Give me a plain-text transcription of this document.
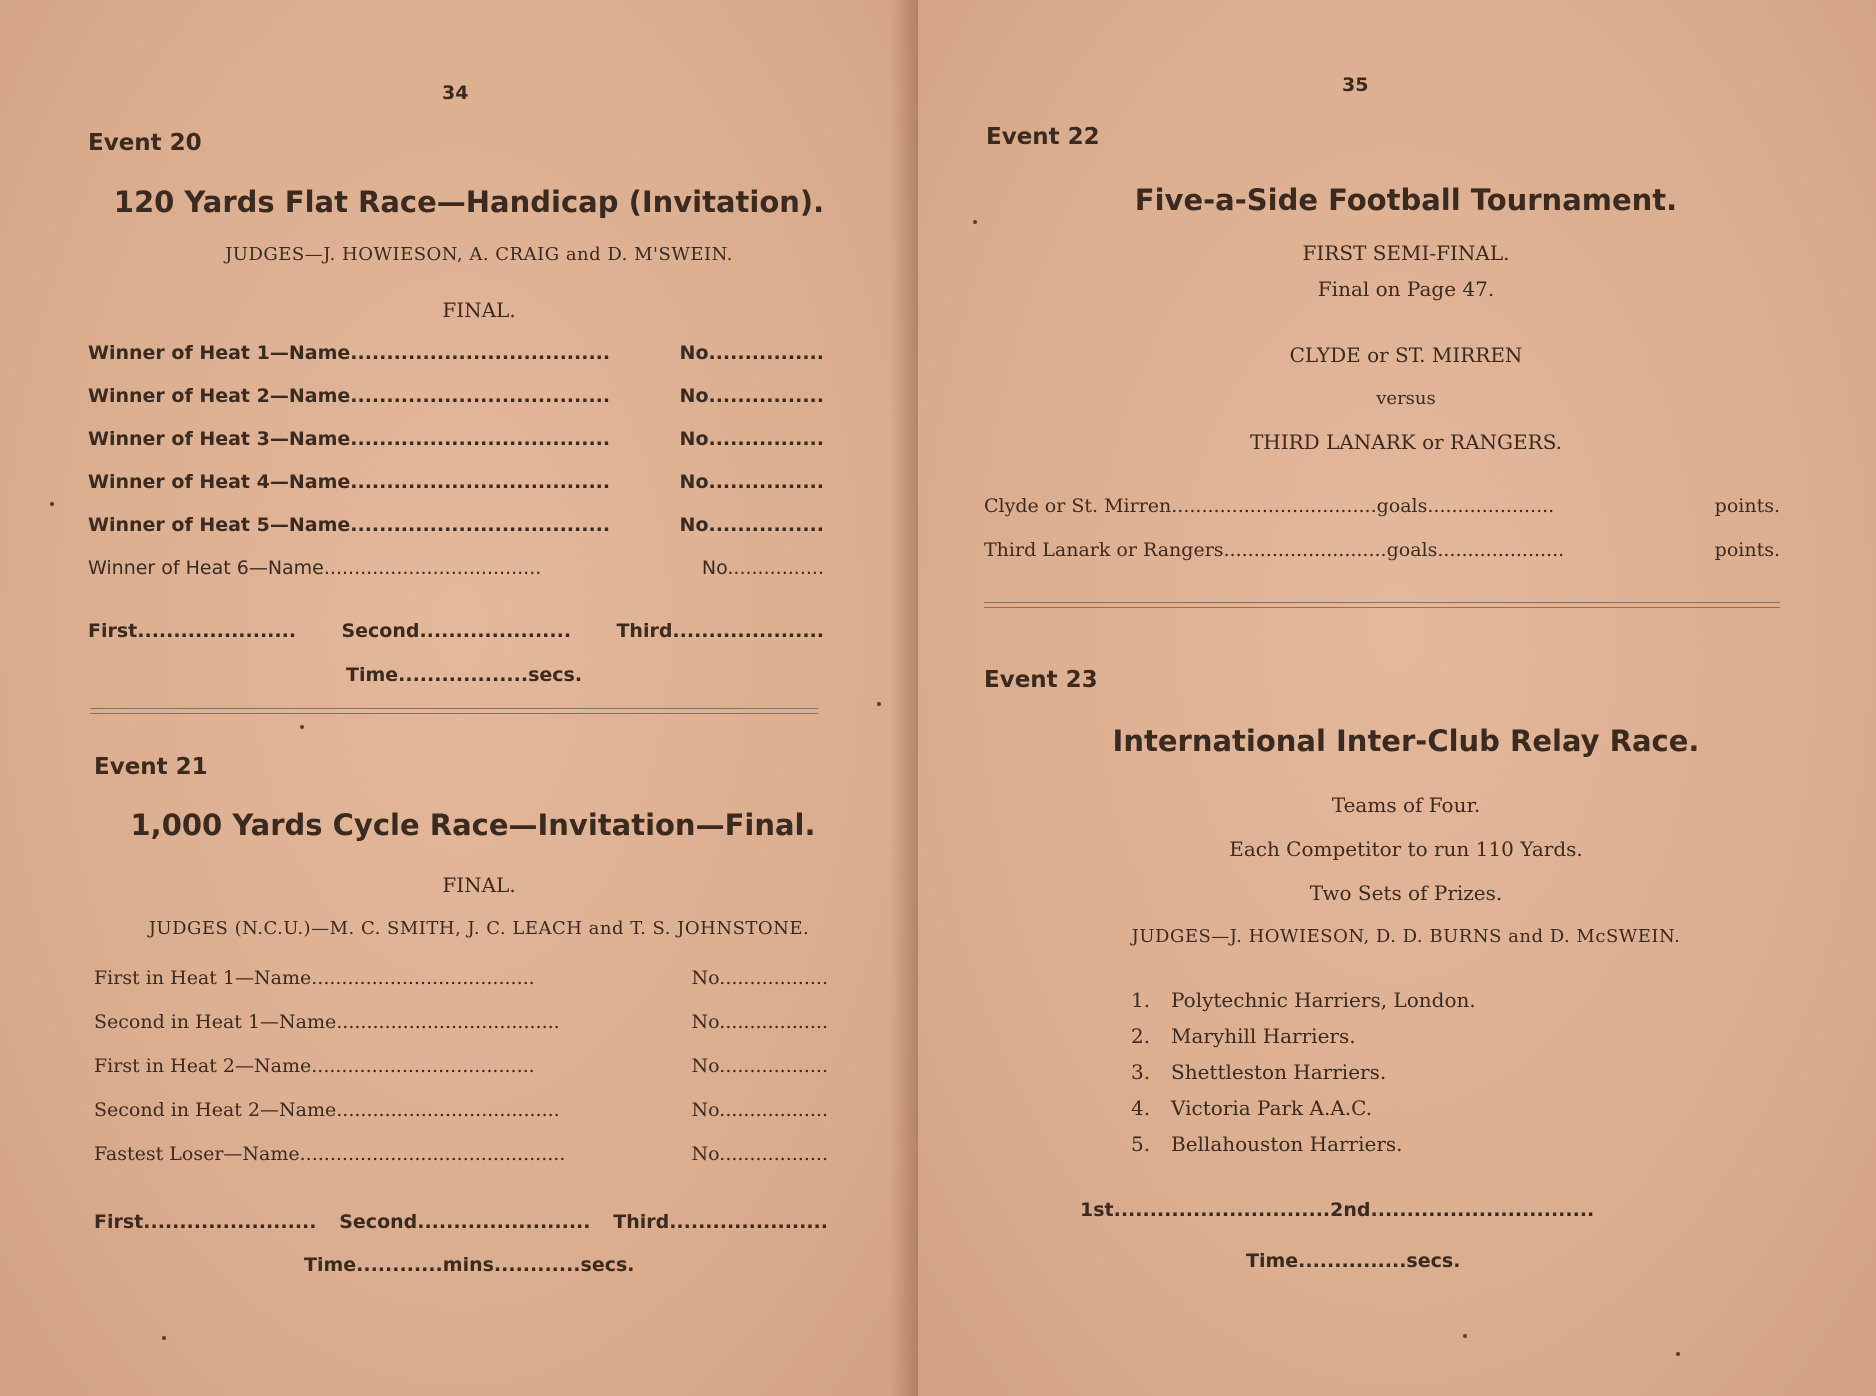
34
Event 20
120 Yards Flat Race—Handicap (Invitation).
JUDGES—J. HOWIESON, A. CRAIG and D. M'SWEIN.
FINAL.
Winner of Heat 1—Name....................................	No................
Winner of Heat 2—Name....................................	No................
Winner of Heat 3—Name....................................	No................
Winner of Heat 4—Name....................................	No................
Winner of Heat 5—Name....................................	No................
Winner of Heat 6—Name....................................	No................
First...................... Second..................... Third.....................
Time..................secs.
Event 21
1,000 Yards Cycle Race—Invitation—Final.
FINAL.
JUDGES (N.C.U.)—M. C. SMITH, J. C. LEACH and T. S. JOHNSTONE.
First in Heat 1—Name.....................................	No..................
Second in Heat 1—Name.....................................	No..................
First in Heat 2—Name.....................................	No..................
Second in Heat 2—Name.....................................	No..................
Fastest Loser—Name............................................	No..................
First........................ Second........................ Third......................
Time............mins............secs.
35
Event 22
Five-a-Side Football Tournament.
FIRST SEMI-FINAL.
Final on Page 47.
CLYDE or ST. MIRREN
versus
THIRD LANARK or RANGERS.
Clyde or St. Mirren..................................goals.....................	points.
Third Lanark or Rangers...........................goals.....................	points.
Event 23
International Inter-Club Relay Race.
Teams of Four.
Each Competitor to run 110 Yards.
Two Sets of Prizes.
JUDGES—J. HOWIESON, D. D. BURNS and D. McSWEIN.
1. Polytechnic Harriers, London.
2. Maryhill Harriers.
3. Shettleston Harriers.
4. Victoria Park A.A.C.
5. Bellahouston Harriers.
1st.............................. 2nd...............................
Time...............secs.
